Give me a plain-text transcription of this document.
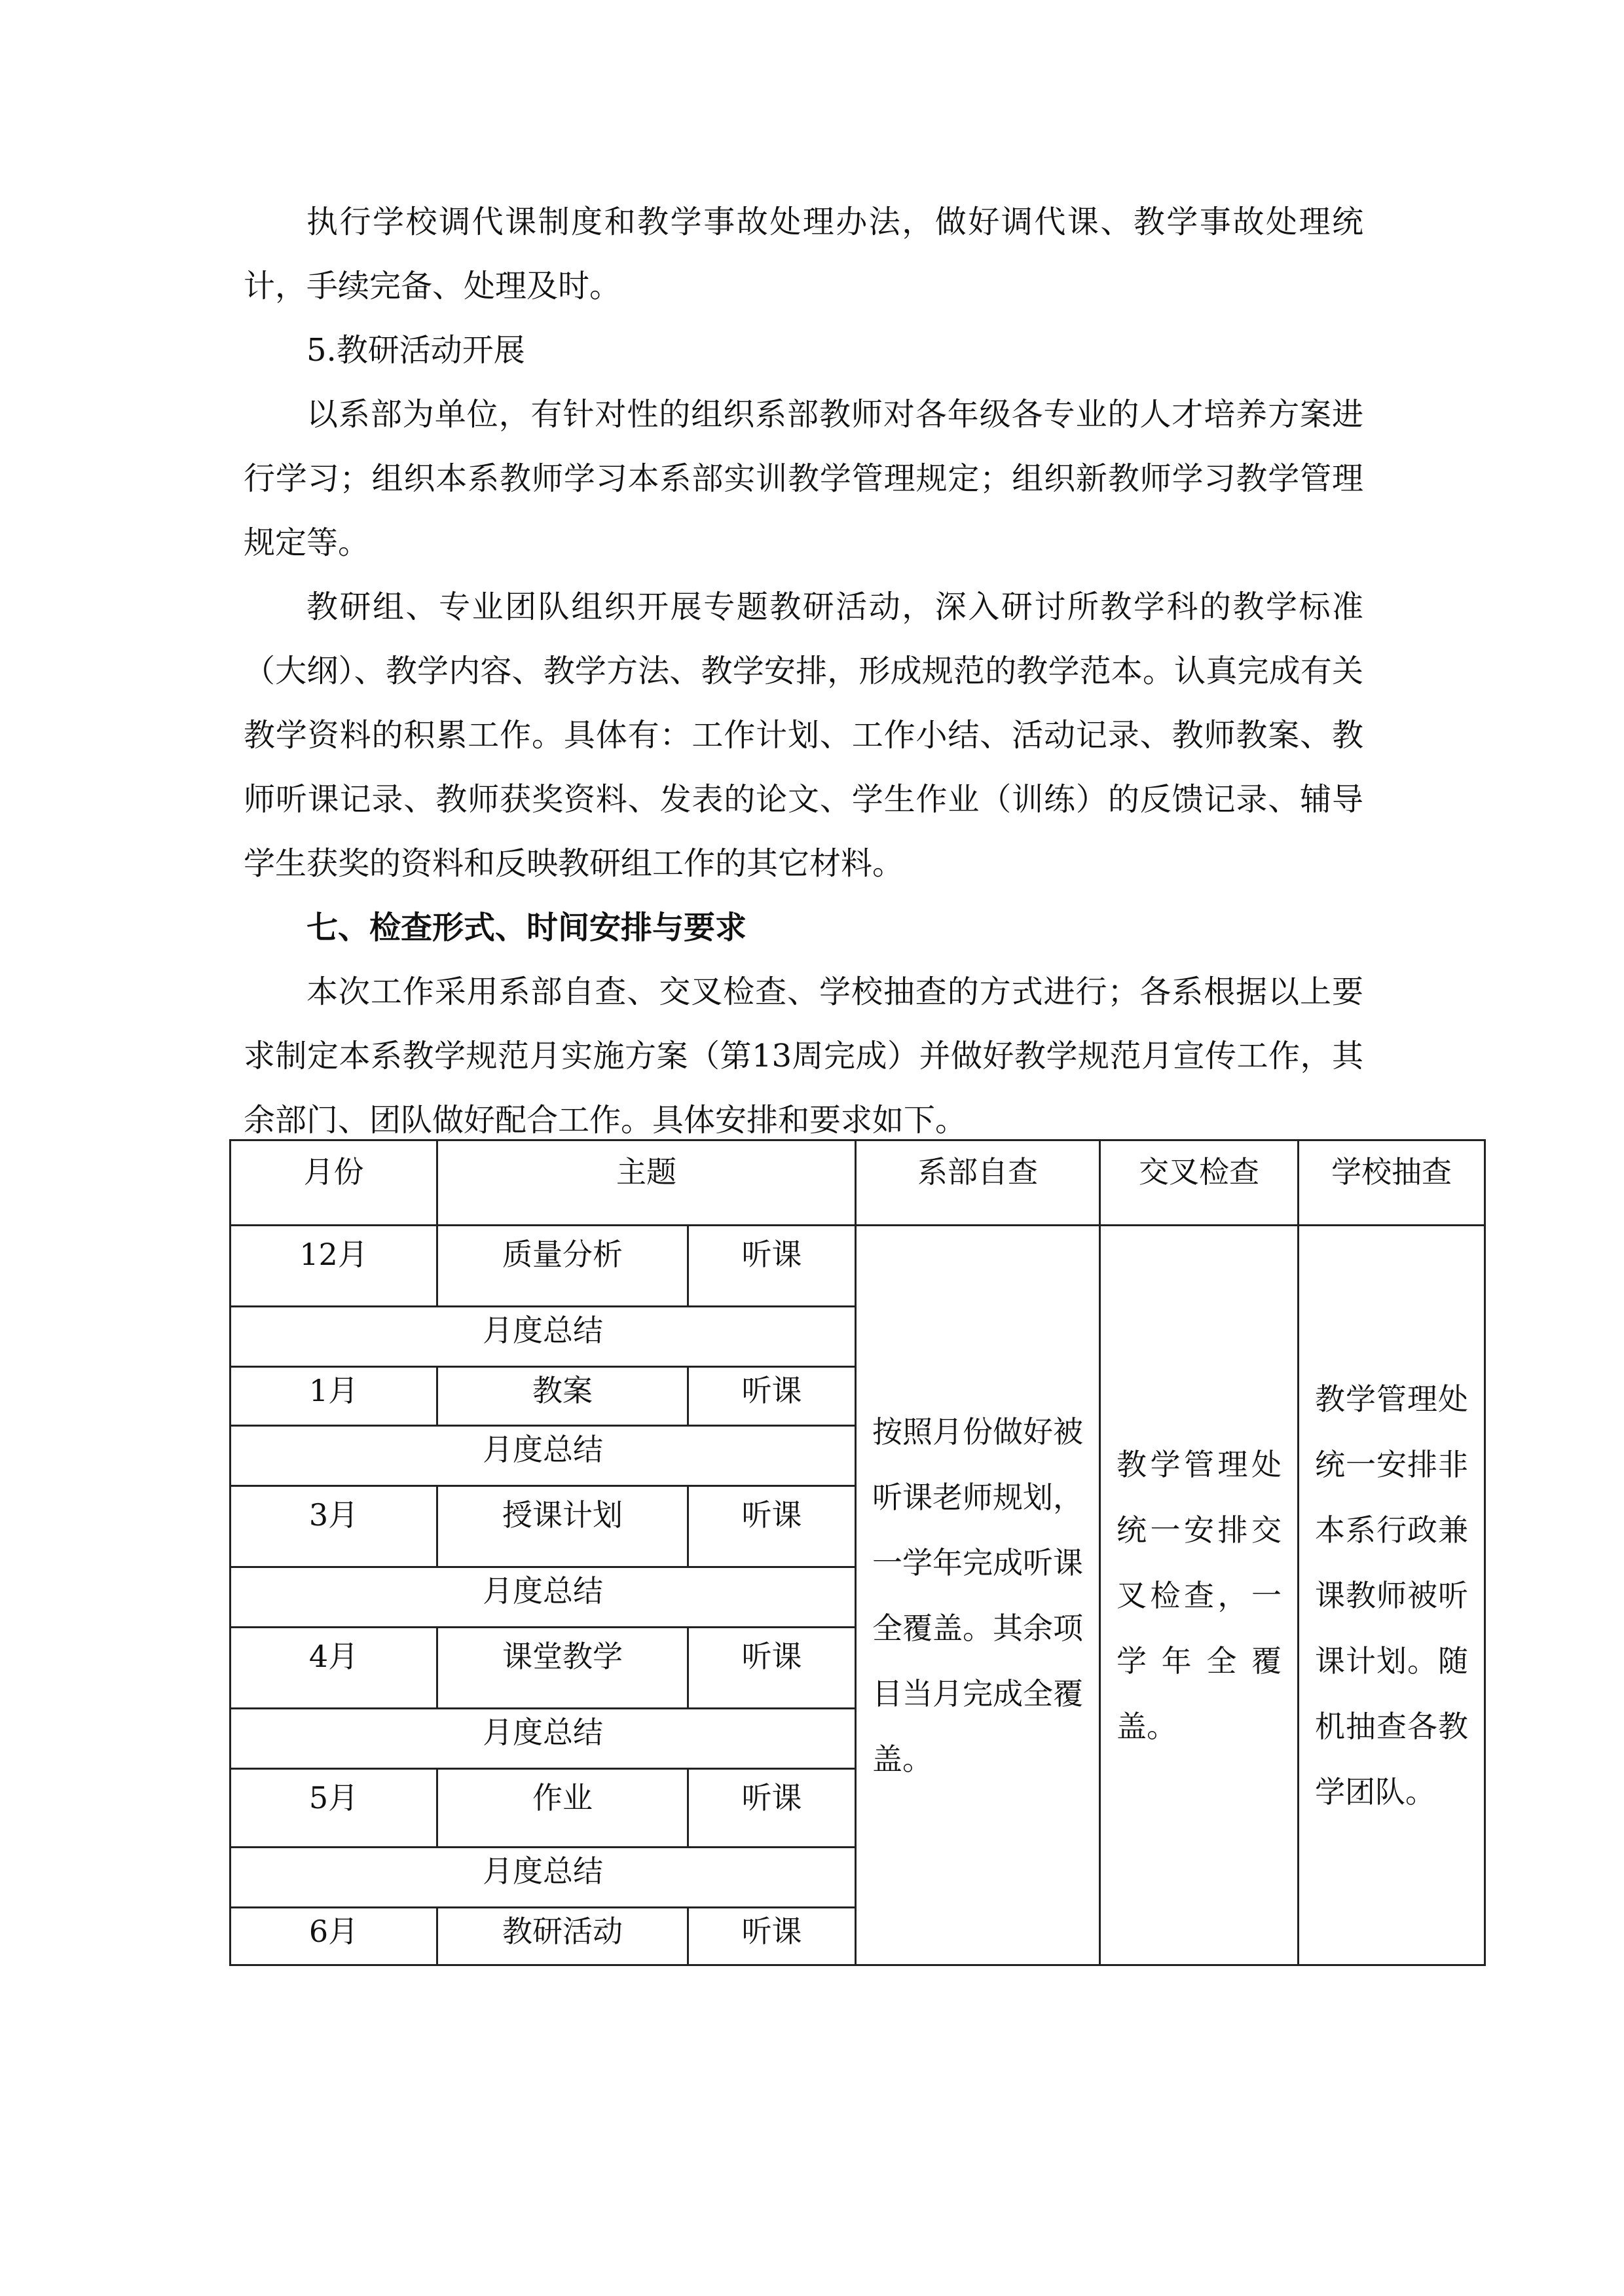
执行学校调代课制度和教学事故处理办法，做好调代课、教学事故处理统计，手续完备、处理及时。

5.教研活动开展

以系部为单位，有针对性的组织系部教师对各年级各专业的人才培养方案进行学习；组织本系教师学习本系部实训教学管理规定；组织新教师学习教学管理规定等。

教研组、专业团队组织开展专题教研活动，深入研讨所教学科的教学标准（大纲）、教学内容、教学方法、教学安排，形成规范的教学范本。认真完成有关教学资料的积累工作。具体有：工作计划、工作小结、活动记录、教师教案、教师听课记录、教师获奖资料、发表的论文、学生作业（训练）的反馈记录、辅导学生获奖的资料和反映教研组工作的其它材料。

七、检查形式、时间安排与要求

本次工作采用系部自查、交叉检查、学校抽查的方式进行；各系根据以上要求制定本系教学规范月实施方案（第13周完成）并做好教学规范月宣传工作，其余部门、团队做好配合工作。具体安排和要求如下。

月份	主题		系部自查	交叉检查	学校抽查
12月	质量分析	听课	按照月份做好被听课老师规划，一学年完成听课全覆盖。其余项目当月完成全覆盖。	教学管理处统一安排交叉检查，一学年全覆盖。	教学管理处统一安排非本系行政兼课教师被听课计划。随机抽查各教学团队。

月度总结					
1月	教案	听课			
月度总结					
3月	授课计划	听课			
月度总结					
4月	课堂教学	听课			
月度总结					
5月	作业	听课			
月度总结					
6月	教研活动	听课			
